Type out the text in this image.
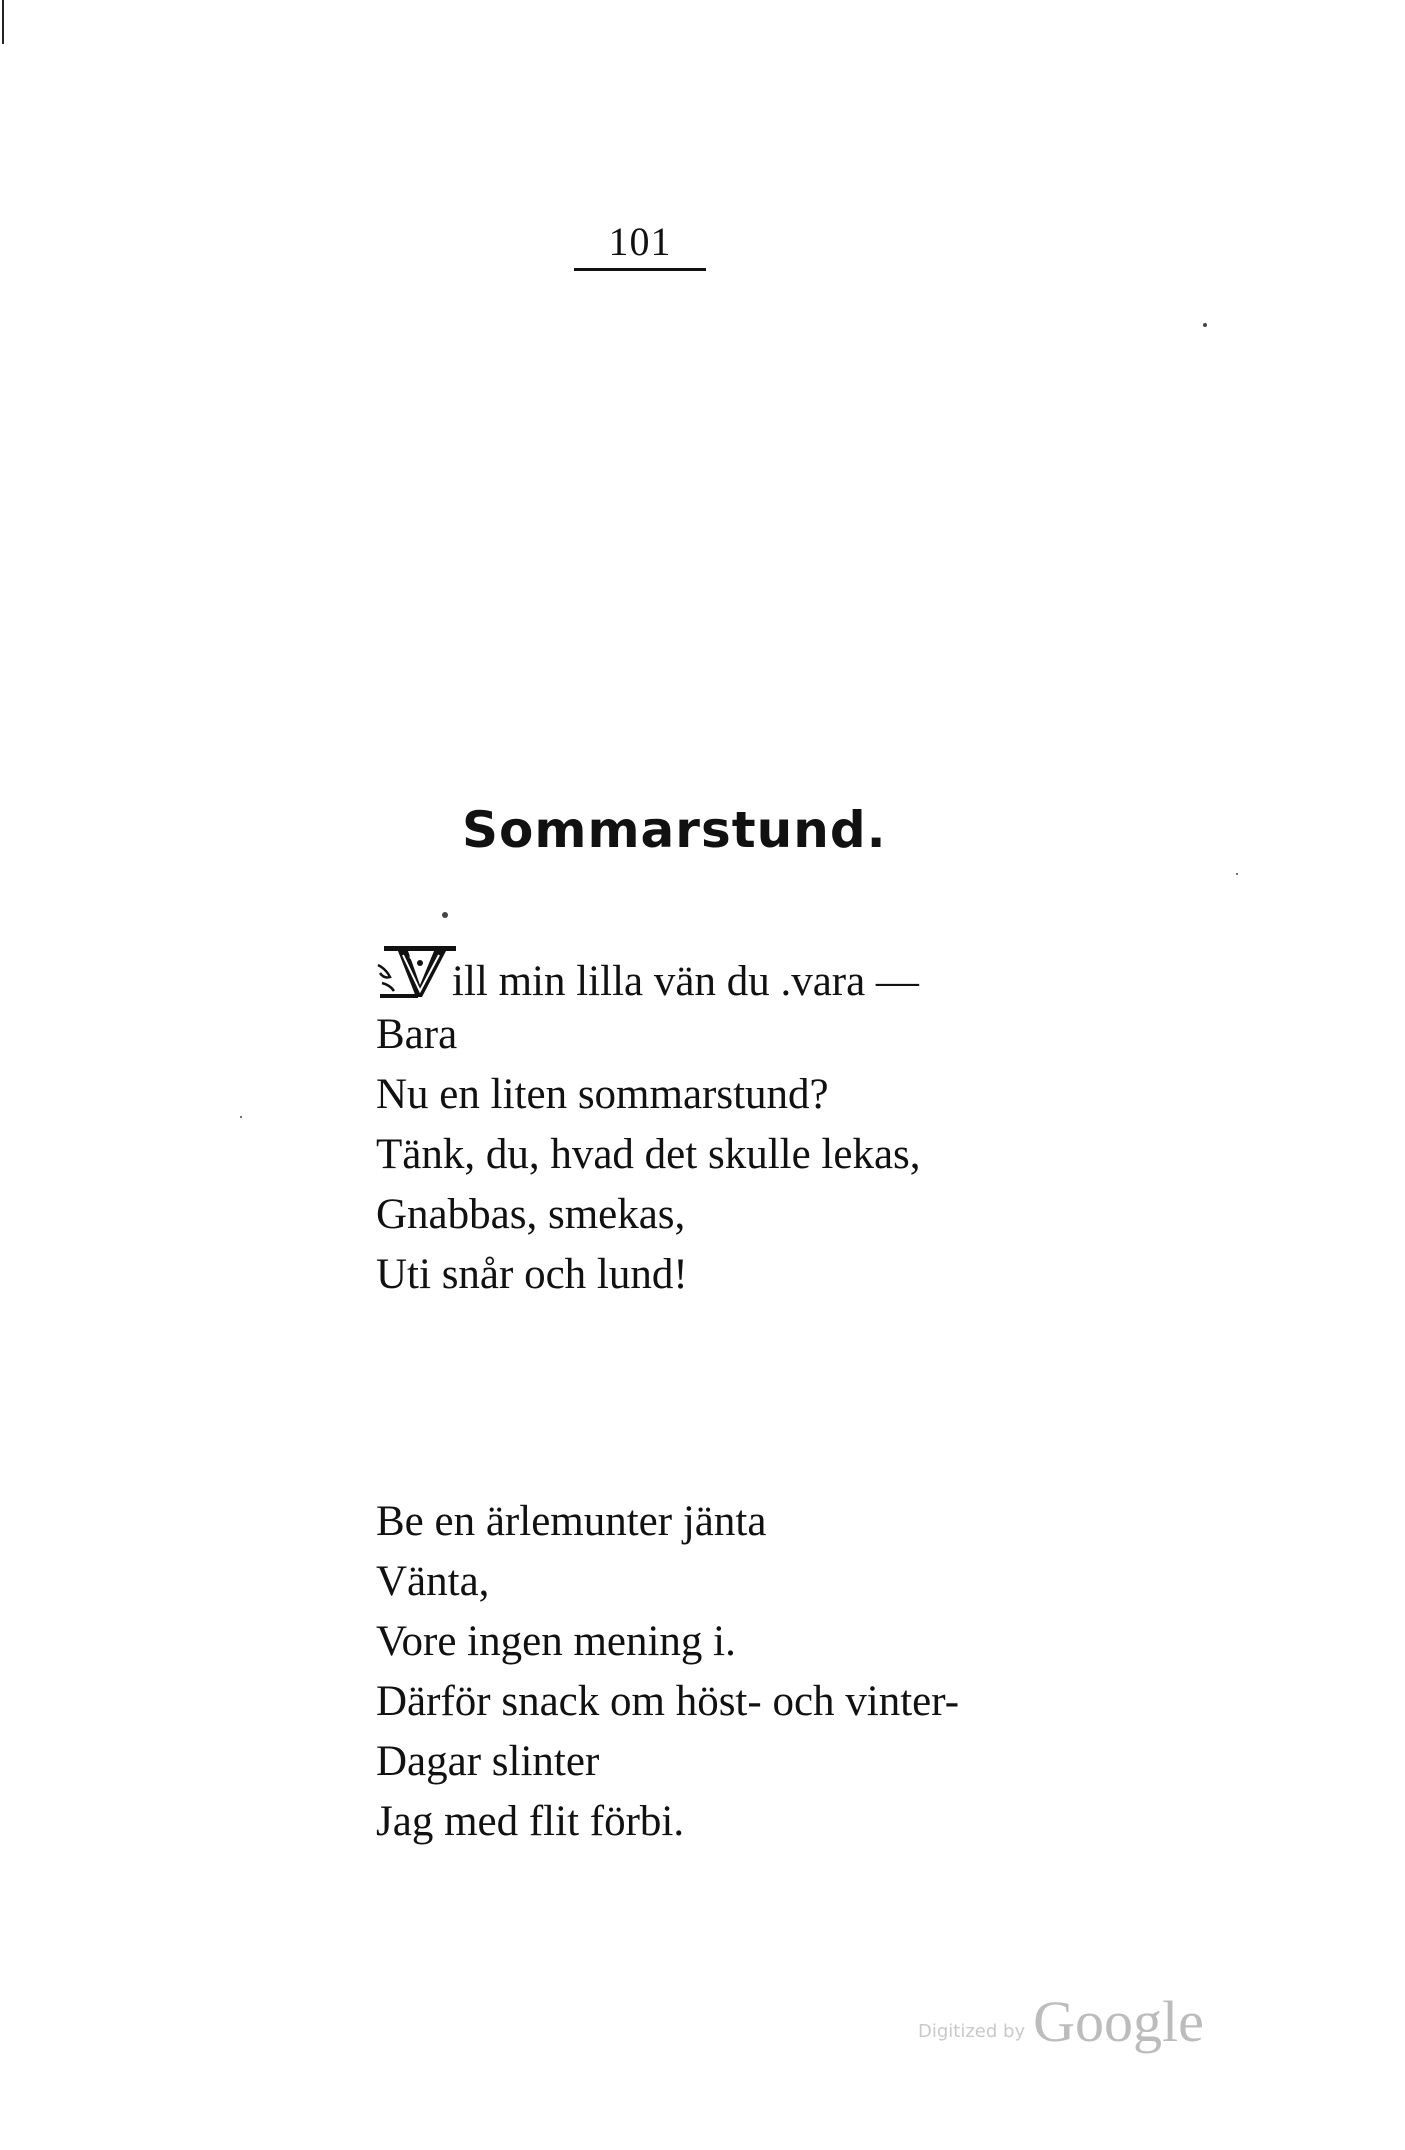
101
Sommarstund.
ill min lilla vän du .vara —
Bara
Nu en liten sommarstund?
Tänk, du, hvad det skulle lekas,
Gnabbas, smekas,
Uti snår och lund!
Be en ärlemunter jänta
Vänta,
Vore ingen mening i.
Därför snack om höst- och vinter-
Dagar slinter
Jag med flit förbi.
Digitized by Google
